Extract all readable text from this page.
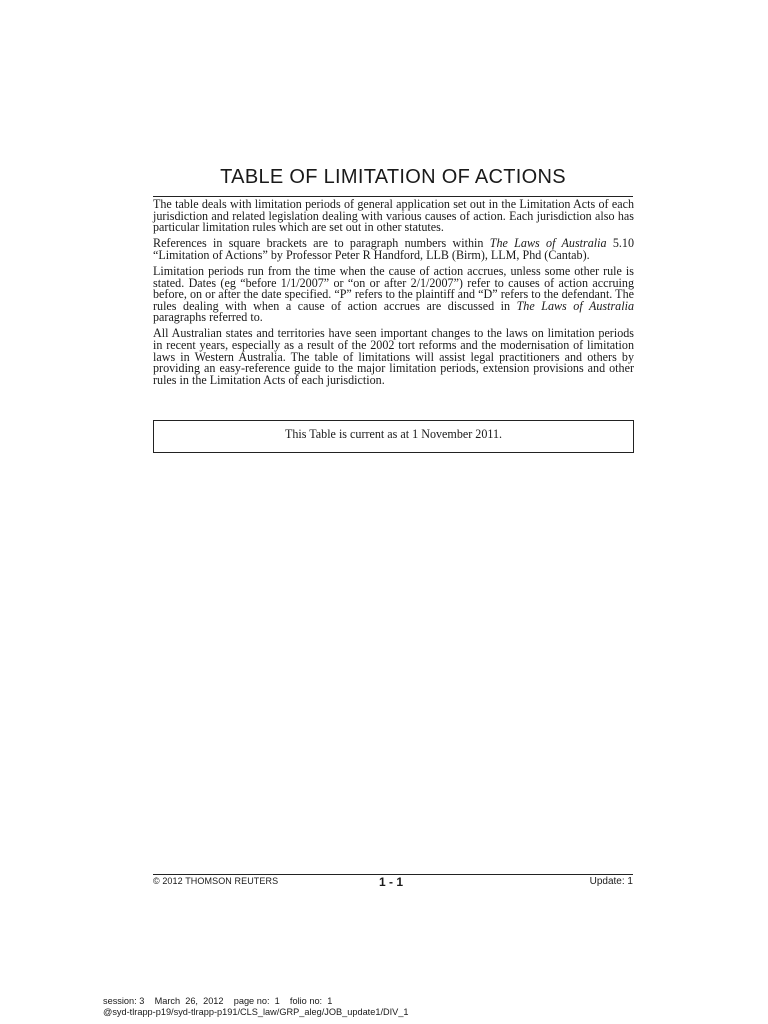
TABLE OF LIMITATION OF ACTIONS

The table deals with limitation periods of general application set out in the Limitation Acts of each jurisdiction and related legislation dealing with various causes of action. Each jurisdiction also has particular limitation rules which are set out in other statutes.

References in square brackets are to paragraph numbers within The Laws of Australia 5.10 “Limitation of Actions” by Professor Peter R Handford, LLB (Birm), LLM, Phd (Cantab).

Limitation periods run from the time when the cause of action accrues, unless some other rule is stated. Dates (eg “before 1/1/2007” or “on or after 2/1/2007”) refer to causes of action accruing before, on or after the date specified. “P” refers to the plaintiff and “D” refers to the defendant. The rules dealing with when a cause of action accrues are discussed in The Laws of Australia paragraphs referred to.

All Australian states and territories have seen important changes to the laws on limitation periods in recent years, especially as a result of the 2002 tort reforms and the modernisation of limitation laws in Western Australia. The table of limitations will assist legal practitioners and others by providing an easy-reference guide to the major limitation periods, extension provisions and other rules in the Limitation Acts of each jurisdiction.

This Table is current as at 1 November 2011.
© 2012 THOMSON REUTERS	1 - 1	Update: 1
session: 3    March  26,  2012    page no:  1    folio no:  1
@syd-tlrapp-p19/syd-tlrapp-p191/CLS_law/GRP_aleg/JOB_update1/DIV_1
